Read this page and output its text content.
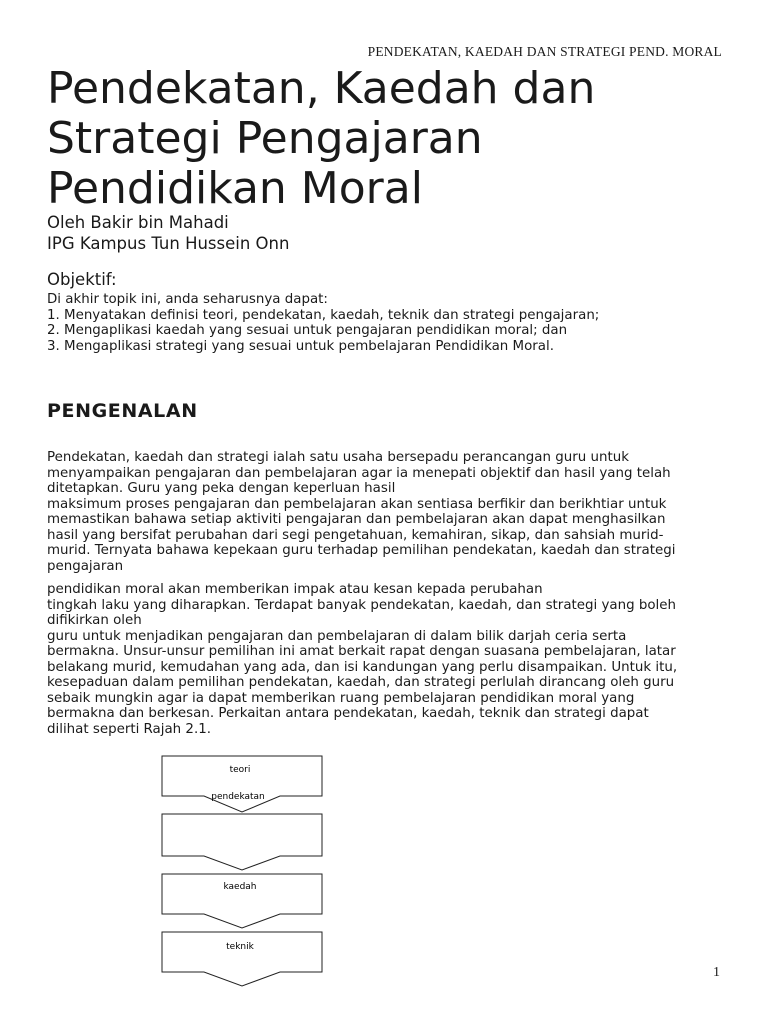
PENDEKATAN, KAEDAH DAN STRATEGI PEND. MORAL
Pendekatan, Kaedah dan
Strategi Pengajaran
Pendidikan Moral
Oleh Bakir bin Mahadi
IPG Kampus Tun Hussein Onn
Objektif:
Di akhir topik ini, anda seharusnya dapat:
1. Menyatakan definisi teori, pendekatan, kaedah, teknik dan strategi pengajaran;
2. Mengaplikasi kaedah yang sesuai untuk pengajaran pendidikan moral; dan
3. Mengaplikasi strategi yang sesuai untuk pembelajaran Pendidikan Moral.
PENGENALAN
Pendekatan, kaedah dan strategi ialah satu usaha bersepadu perancangan guru untuk
menyampaikan pengajaran dan pembelajaran agar ia menepati objektif dan hasil yang telah
ditetapkan. Guru yang peka dengan keperluan hasil
maksimum proses pengajaran dan pembelajaran akan sentiasa berfikir dan berikhtiar untuk
memastikan bahawa setiap aktiviti pengajaran dan pembelajaran akan dapat menghasilkan
hasil yang bersifat perubahan dari segi pengetahuan, kemahiran, sikap, dan sahsiah murid-
murid. Ternyata bahawa kepekaan guru terhadap pemilihan pendekatan, kaedah dan strategi
pengajaran
pendidikan moral akan memberikan impak atau kesan kepada perubahan
tingkah laku yang diharapkan. Terdapat banyak pendekatan, kaedah, dan strategi yang boleh
difikirkan oleh
guru untuk menjadikan pengajaran dan pembelajaran di dalam bilik darjah ceria serta
bermakna. Unsur-unsur pemilihan ini amat berkait rapat dengan suasana pembelajaran, latar
belakang murid, kemudahan yang ada, dan isi kandungan yang perlu disampaikan. Untuk itu,
kesepaduan dalam pemilihan pendekatan, kaedah, dan strategi perlulah dirancang oleh guru
sebaik mungkin agar ia dapat memberikan ruang pembelajaran pendidikan moral yang
bermakna dan berkesan. Perkaitan antara pendekatan, kaedah, teknik dan strategi dapat
dilihat seperti Rajah 2.1.
teori
pendekatan
kaedah
teknik
1
